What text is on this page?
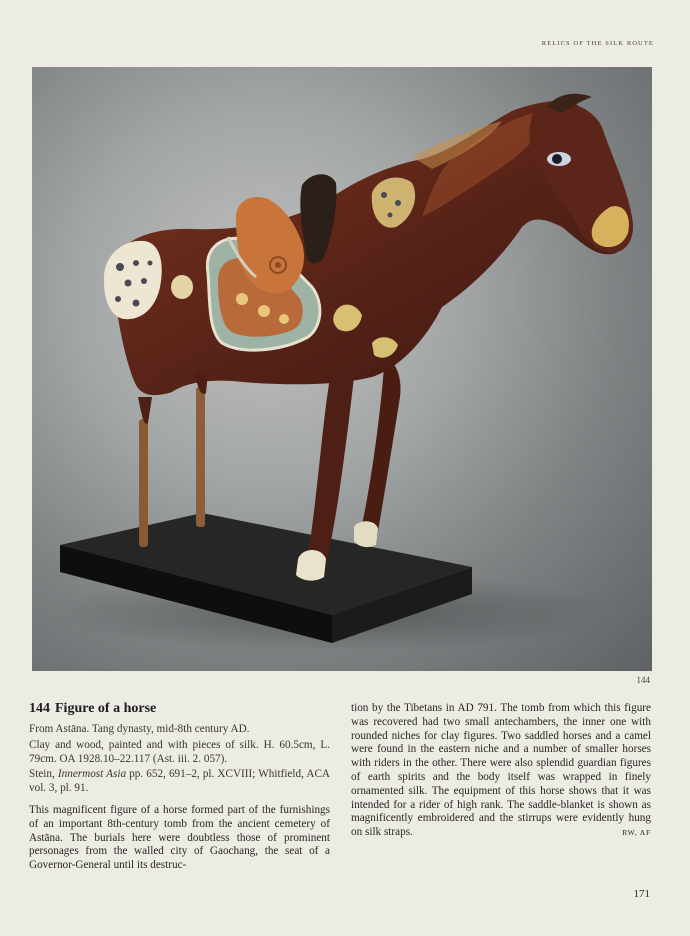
RELICS OF THE SILK ROUTE
144
144 Figure of a horse

From Astāna. Tang dynasty, mid-8th century AD.

Clay and wood, painted and with pieces of silk. H. 60.5cm, L. 79cm. OA 1928.10–22.117 (Ast. iii. 2. 057).

Stein, Innermost Asia pp. 652, 691–2, pl. XCVIII; Whitfield, ACA vol. 3, pl. 91.

This magnificent figure of a horse formed part of the furnishings of an important 8th-century tomb from the ancient cemetery of Astāna. The burials here were doubtless those of prominent personages from the walled city of Gaochang, the seat of a Governor-General until its destruc-

tion by the Tibetans in AD 791. The tomb from which this figure was recovered had two small antechambers, the inner one with rounded niches for clay figures. Two saddled horses and a camel were found in the eastern niche and a number of smaller horses with riders in the other. There were also splendid guardian figures of earth spirits and the body itself was wrapped in finely ornamented silk. The equipment of this horse shows that it was intended for a rider of high rank. The saddle-blanket is shown as magnificently embroidered and the stirrups were evidently hung on silk straps.	RW, AF
171
